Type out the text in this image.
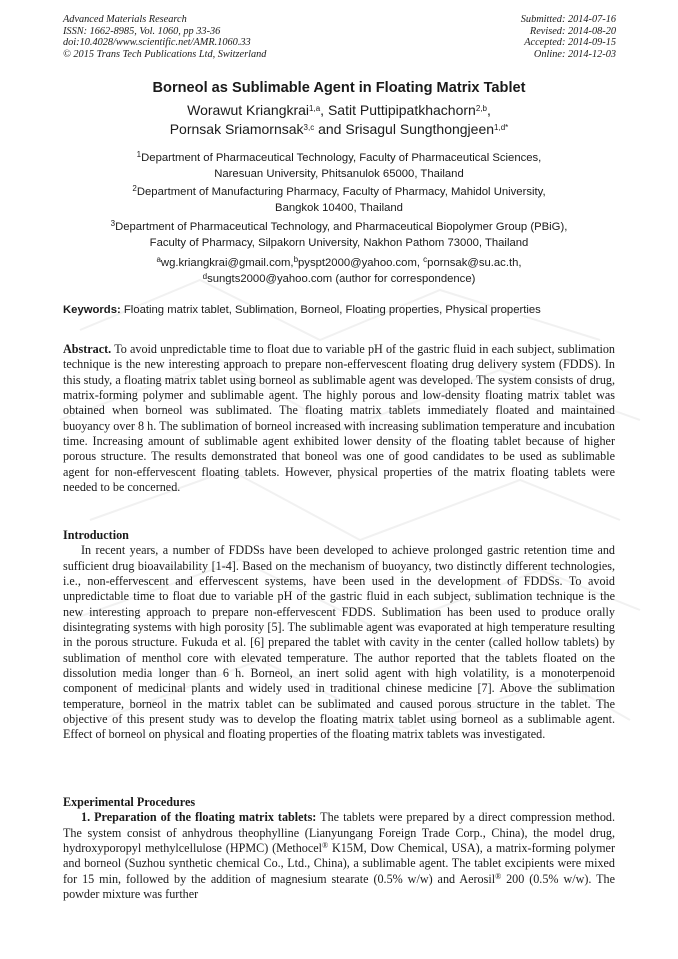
Advanced Materials Research
ISSN: 1662-8985, Vol. 1060, pp 33-36
doi:10.4028/www.scientific.net/AMR.1060.33
© 2015 Trans Tech Publications Ltd, Switzerland
Submitted: 2014-07-16
Revised: 2014-08-20
Accepted: 2014-09-15
Online: 2014-12-03
Borneol as Sublimable Agent in Floating Matrix Tablet
Worawut Kriangkrai$^{1,a}$, Satit Puttipipatkhachorn$^{2,b}$,
Pornsak Sriamornsak$^{3,c}$ and Srisagul Sungthongjeen$^{1,d*}$
$^1$Department of Pharmaceutical Technology, Faculty of Pharmaceutical Sciences,
Naresuan University, Phitsanulok 65000, Thailand
$^2$Department of Manufacturing Pharmacy, Faculty of Pharmacy, Mahidol University,
Bangkok 10400, Thailand
$^3$Department of Pharmaceutical Technology, and Pharmaceutical Biopolymer Group (PBiG),
Faculty of Pharmacy, Silpakorn University, Nakhon Pathom 73000, Thailand
$^a$wg.kriangkrai@gmail.com,$^b$pyspt2000@yahoo.com, $^c$pornsak@su.ac.th,
$^d$sungts2000@yahoo.com (author for correspondence)
Keywords: Floating matrix tablet, Sublimation, Borneol, Floating properties, Physical properties

Abstract. To avoid unpredictable time to float due to variable pH of the gastric fluid in each subject, sublimation technique is the new interesting approach to prepare non-effervescent floating drug delivery system (FDDS). In this study, a floating matrix tablet using borneol as sublimable agent was developed. The system consists of drug, matrix-forming polymer and sublimable agent. The highly porous and low-density floating matrix tablet was obtained when borneol was sublimated. The floating matrix tablets immediately floated and maintained buoyancy over 8 h. The sublimation of borneol increased with increasing sublimation temperature and incubation time. Increasing amount of sublimable agent exhibited lower density of the floating tablet because of higher porous structure. The results demonstrated that boneol was one of good candidates to be used as sublimable agent for non-effervescent floating tablets. However, physical properties of the matrix floating tablets were needed to be concerned.

Introduction

In recent years, a number of FDDSs have been developed to achieve prolonged gastric retention time and sufficient drug bioavailability [1-4]. Based on the mechanism of buoyancy, two distinctly different technologies, i.e., non-effervescent and effervescent systems, have been used in the development of FDDSs. To avoid unpredictable time to float due to variable pH of the gastric fluid in each subject, sublimation technique is the new interesting approach to prepare non-effervescent FDDS. Sublimation has been used to produce orally disintegrating systems with high porosity [5]. The sublimable agent was evaporated at high temperature resulting in the porous structure. Fukuda et al. [6] prepared the tablet with cavity in the center (called hollow tablets) by sublimation of menthol core with elevated temperature. The author reported that the tablets floated on the dissolution media longer than 6 h. Borneol, an inert solid agent with high volatility, is a monoterpenoid component of medicinal plants and widely used in traditional chinese medicine [7]. Above the sublimation temperature, borneol in the matrix tablet can be sublimated and caused porous structure in the tablet. The objective of this present study was to develop the floating matrix tablet using borneol as a sublimable agent. Effect of borneol on physical and floating properties of the floating matrix tablets was investigated.

Experimental Procedures

1. Preparation of the floating matrix tablets: The tablets were prepared by a direct compression method. The system consist of anhydrous theophylline (Lianyungang Foreign Trade Corp., China), the model drug, hydroxyporopyl methylcellulose (HPMC) (Methocel® K15M, Dow Chemical, USA), a matrix-forming polymer and borneol (Suzhou synthetic chemical Co., Ltd., China), a sublimable agent. The tablet excipients were mixed for 15 min, followed by the addition of magnesium stearate (0.5% w/w) and Aerosil® 200 (0.5% w/w). The powder mixture was further
